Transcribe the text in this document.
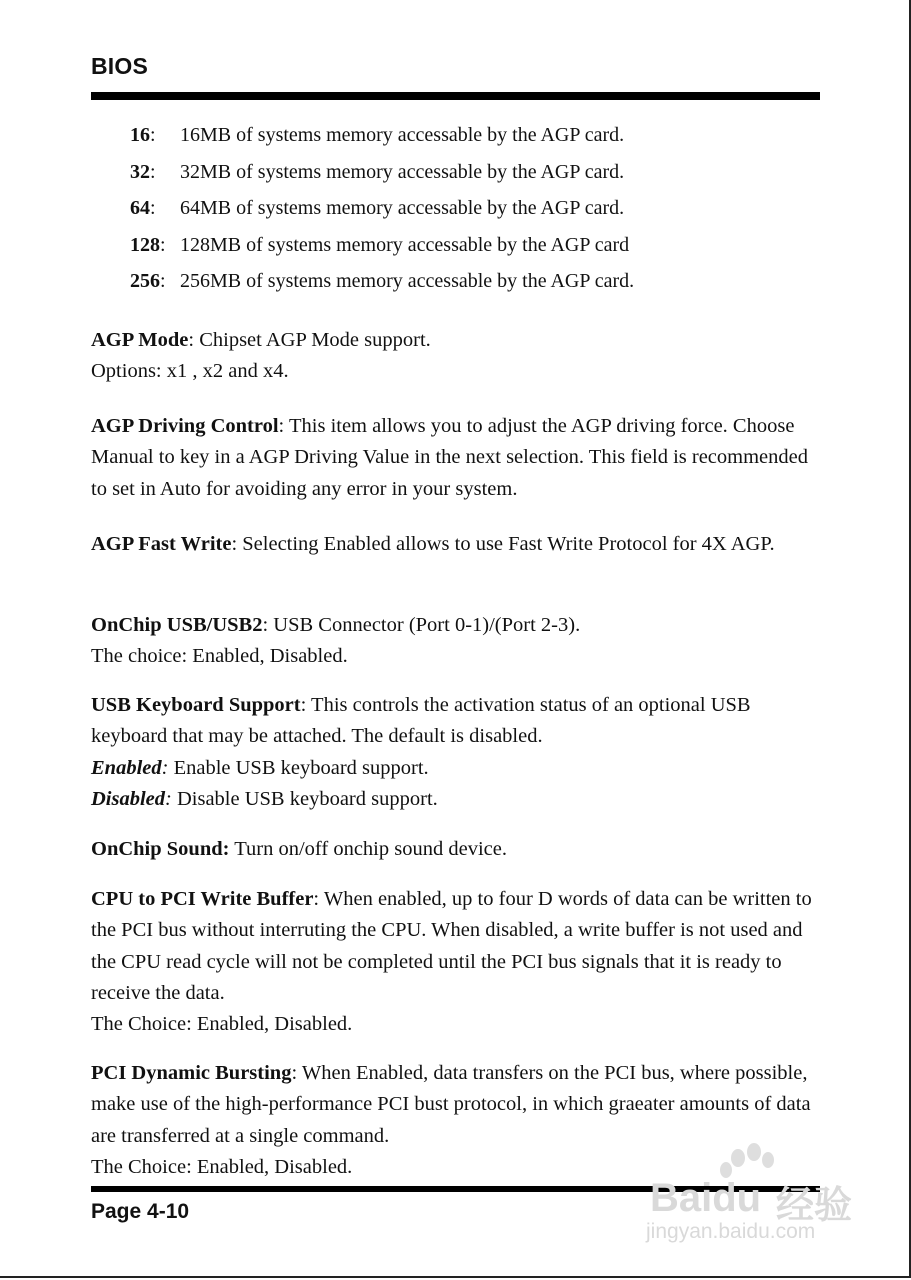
BIOS
16: 16MB of systems memory accessable by the AGP card.
32: 32MB of systems memory accessable by the AGP card.
64: 64MB of systems memory accessable by the AGP card.
128: 128MB of systems memory accessable by the AGP card
256: 256MB of systems memory accessable by the AGP card.

AGP Mode: Chipset AGP Mode support.

Options: x1 , x2 and x4.

AGP Driving Control: This item allows you to adjust the AGP driving force. Choose Manual to key in a AGP Driving Value in the next selection. This field is recommended to set in Auto for avoiding any error in your system.

AGP Fast Write: Selecting Enabled allows to use Fast Write Protocol for 4X AGP.

OnChip USB/USB2: USB Connector (Port 0-1)/(Port 2-3).

The choice: Enabled, Disabled.

USB Keyboard Support: This controls the activation status of an optional USB keyboard that may be attached. The default is disabled.

Enabled: Enable USB keyboard support.

Disabled: Disable USB keyboard support.

OnChip Sound: Turn on/off onchip sound device.

CPU to PCI Write Buffer: When enabled, up to four D words of data can be written to the PCI bus without interruting the CPU. When disabled, a write buffer is not used and the CPU read cycle will not be completed until the PCI bus signals that it is ready to receive the data.

The Choice: Enabled, Disabled.

PCI Dynamic Bursting: When Enabled, data transfers on the PCI bus, where possible, make use of the high-performance PCI bust protocol, in which graeater amounts of data are transferred at a single command.

The Choice: Enabled, Disabled.

Page 4-10	Baidu 经验
jingyan.baidu.com
